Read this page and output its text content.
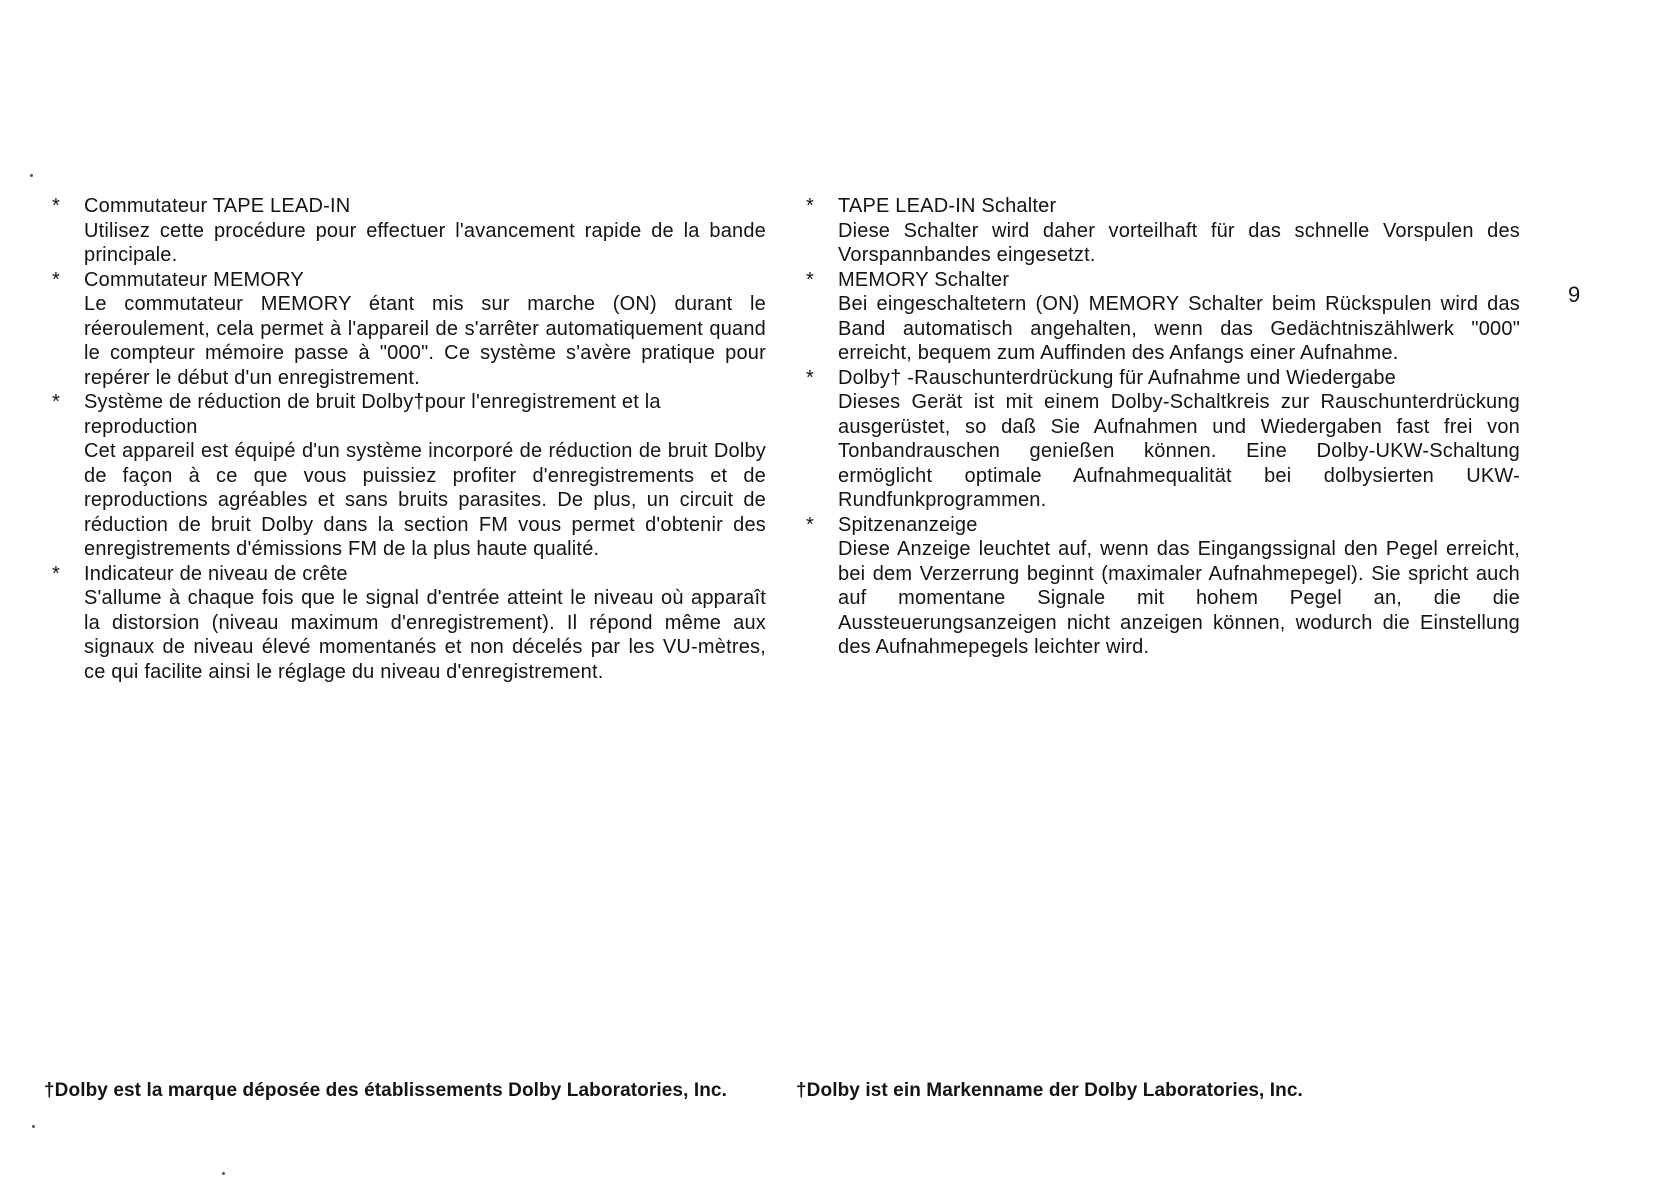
*	Commutateur TAPE LEAD-IN
Utilisez cette procédure pour effectuer l'avancement rapide de la bande principale.
*	Commutateur MEMORY
Le commutateur MEMORY étant mis sur marche (ON) durant le réeroulement, cela permet à l'appareil de s'arrêter automatiquement quand le compteur mémoire passe à "000". Ce système s'avère pratique pour repérer le début d'un enregistrement.
*	Système de réduction de bruit Dolby†pour l'enregistrement et la reproduction
Cet appareil est équipé d'un système incorporé de réduction de bruit Dolby de façon à ce que vous puissiez profiter d'enregistrements et de reproductions agréables et sans bruits parasites. De plus, un circuit de réduction de bruit Dolby dans la section FM vous permet d'obtenir des enregistrements d'émissions FM de la plus haute qualité.
*	Indicateur de niveau de crête
S'allume à chaque fois que le signal d'entrée atteint le niveau où apparaît la distorsion (niveau maximum d'enregistrement). Il répond même aux signaux de niveau élevé momentanés et non décelés par les VU-mètres, ce qui facilite ainsi le réglage du niveau d'enregistrement.
*	TAPE LEAD-IN Schalter
Diese Schalter wird daher vorteilhaft für das schnelle Vorspulen des Vorspannbandes eingesetzt.
*	MEMORY Schalter
Bei eingeschaltetern (ON) MEMORY Schalter beim Rückspulen wird das Band automatisch angehalten, wenn das Gedächtniszählwerk "000" erreicht, bequem zum Auffinden des Anfangs einer Aufnahme.
*	Dolby† -Rauschunterdrückung für Aufnahme und Wiedergabe
Dieses Gerät ist mit einem Dolby-Schaltkreis zur Rauschunterdrückung ausgerüstet, so daß Sie Aufnahmen und Wiedergaben fast frei von Tonbandrauschen genießen können. Eine Dolby-UKW-Schaltung ermöglicht optimale Aufnahmequalität bei dolbysierten UKW-Rundfunkprogrammen.
*	Spitzenanzeige
Diese Anzeige leuchtet auf, wenn das Eingangssignal den Pegel erreicht, bei dem Verzerrung beginnt (maximaler Aufnahmepegel). Sie spricht auch auf momentane Signale mit hohem Pegel an, die die Aussteuerungsanzeigen nicht anzeigen können, wodurch die Einstellung des Aufnahmepegels leichter wird.
9
†Dolby est la marque déposée des établissements Dolby Laboratories, Inc.	†Dolby ist ein Markenname der Dolby Laboratories, Inc.
